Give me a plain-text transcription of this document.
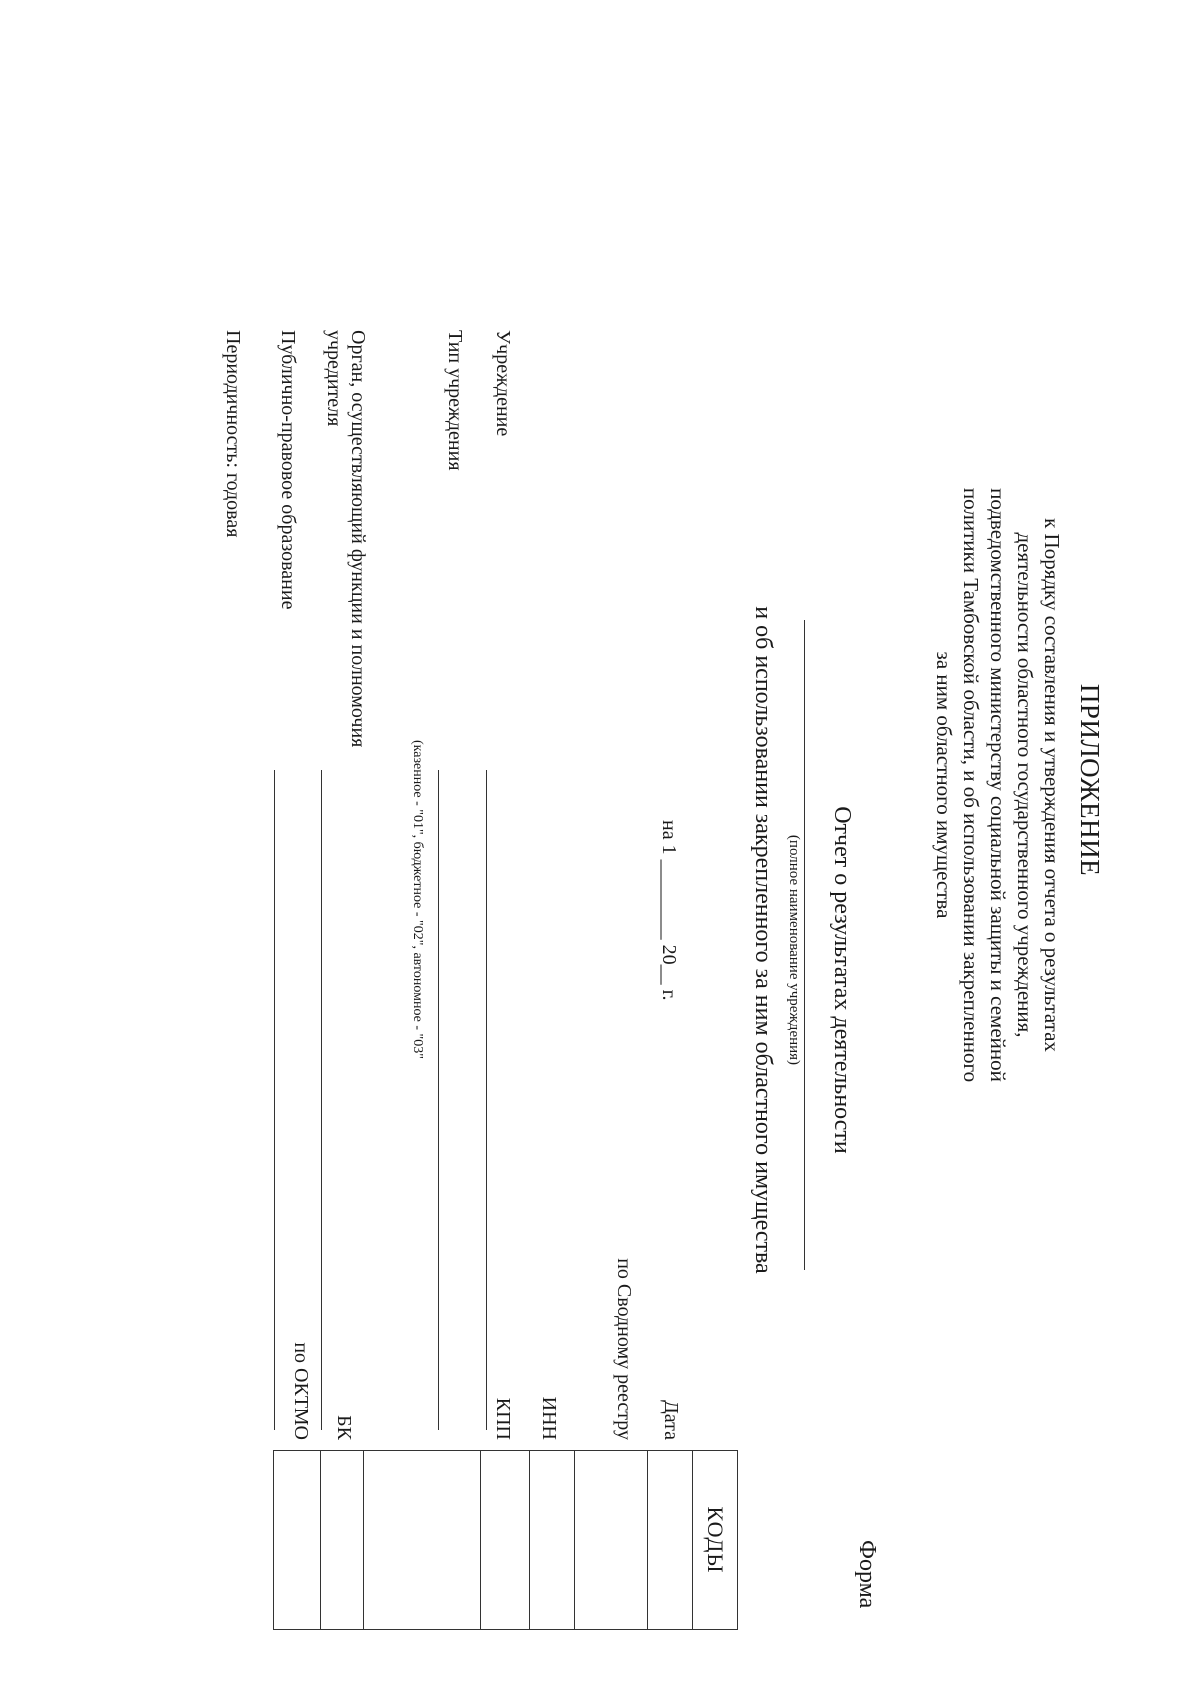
ПРИЛОЖЕНИЕ
к Порядку составления и утверждения отчета о результатах деятельности областного государственного учреждения, подведомственного министерству социальной защиты и семейной политики Тамбовской области, и об использовании закрепленного за ним областного имущества
Форма
Отчет о результатах деятельности
(полное наименование учреждения)
и об использовании закрепленного за ним областного имущества
на 1 ________ 20__ г.
Учреждение
Тип учреждения
(казенное - "01", бюджетное - "02", автономное - "03"
Орган, осуществляющий функции и полномочия учредителя
Публично-правовое образование
Периодичность: годовая
Дата
по Сводному реестру
ИНН
КПП
БК
по ОКТМО
КОДЫ
